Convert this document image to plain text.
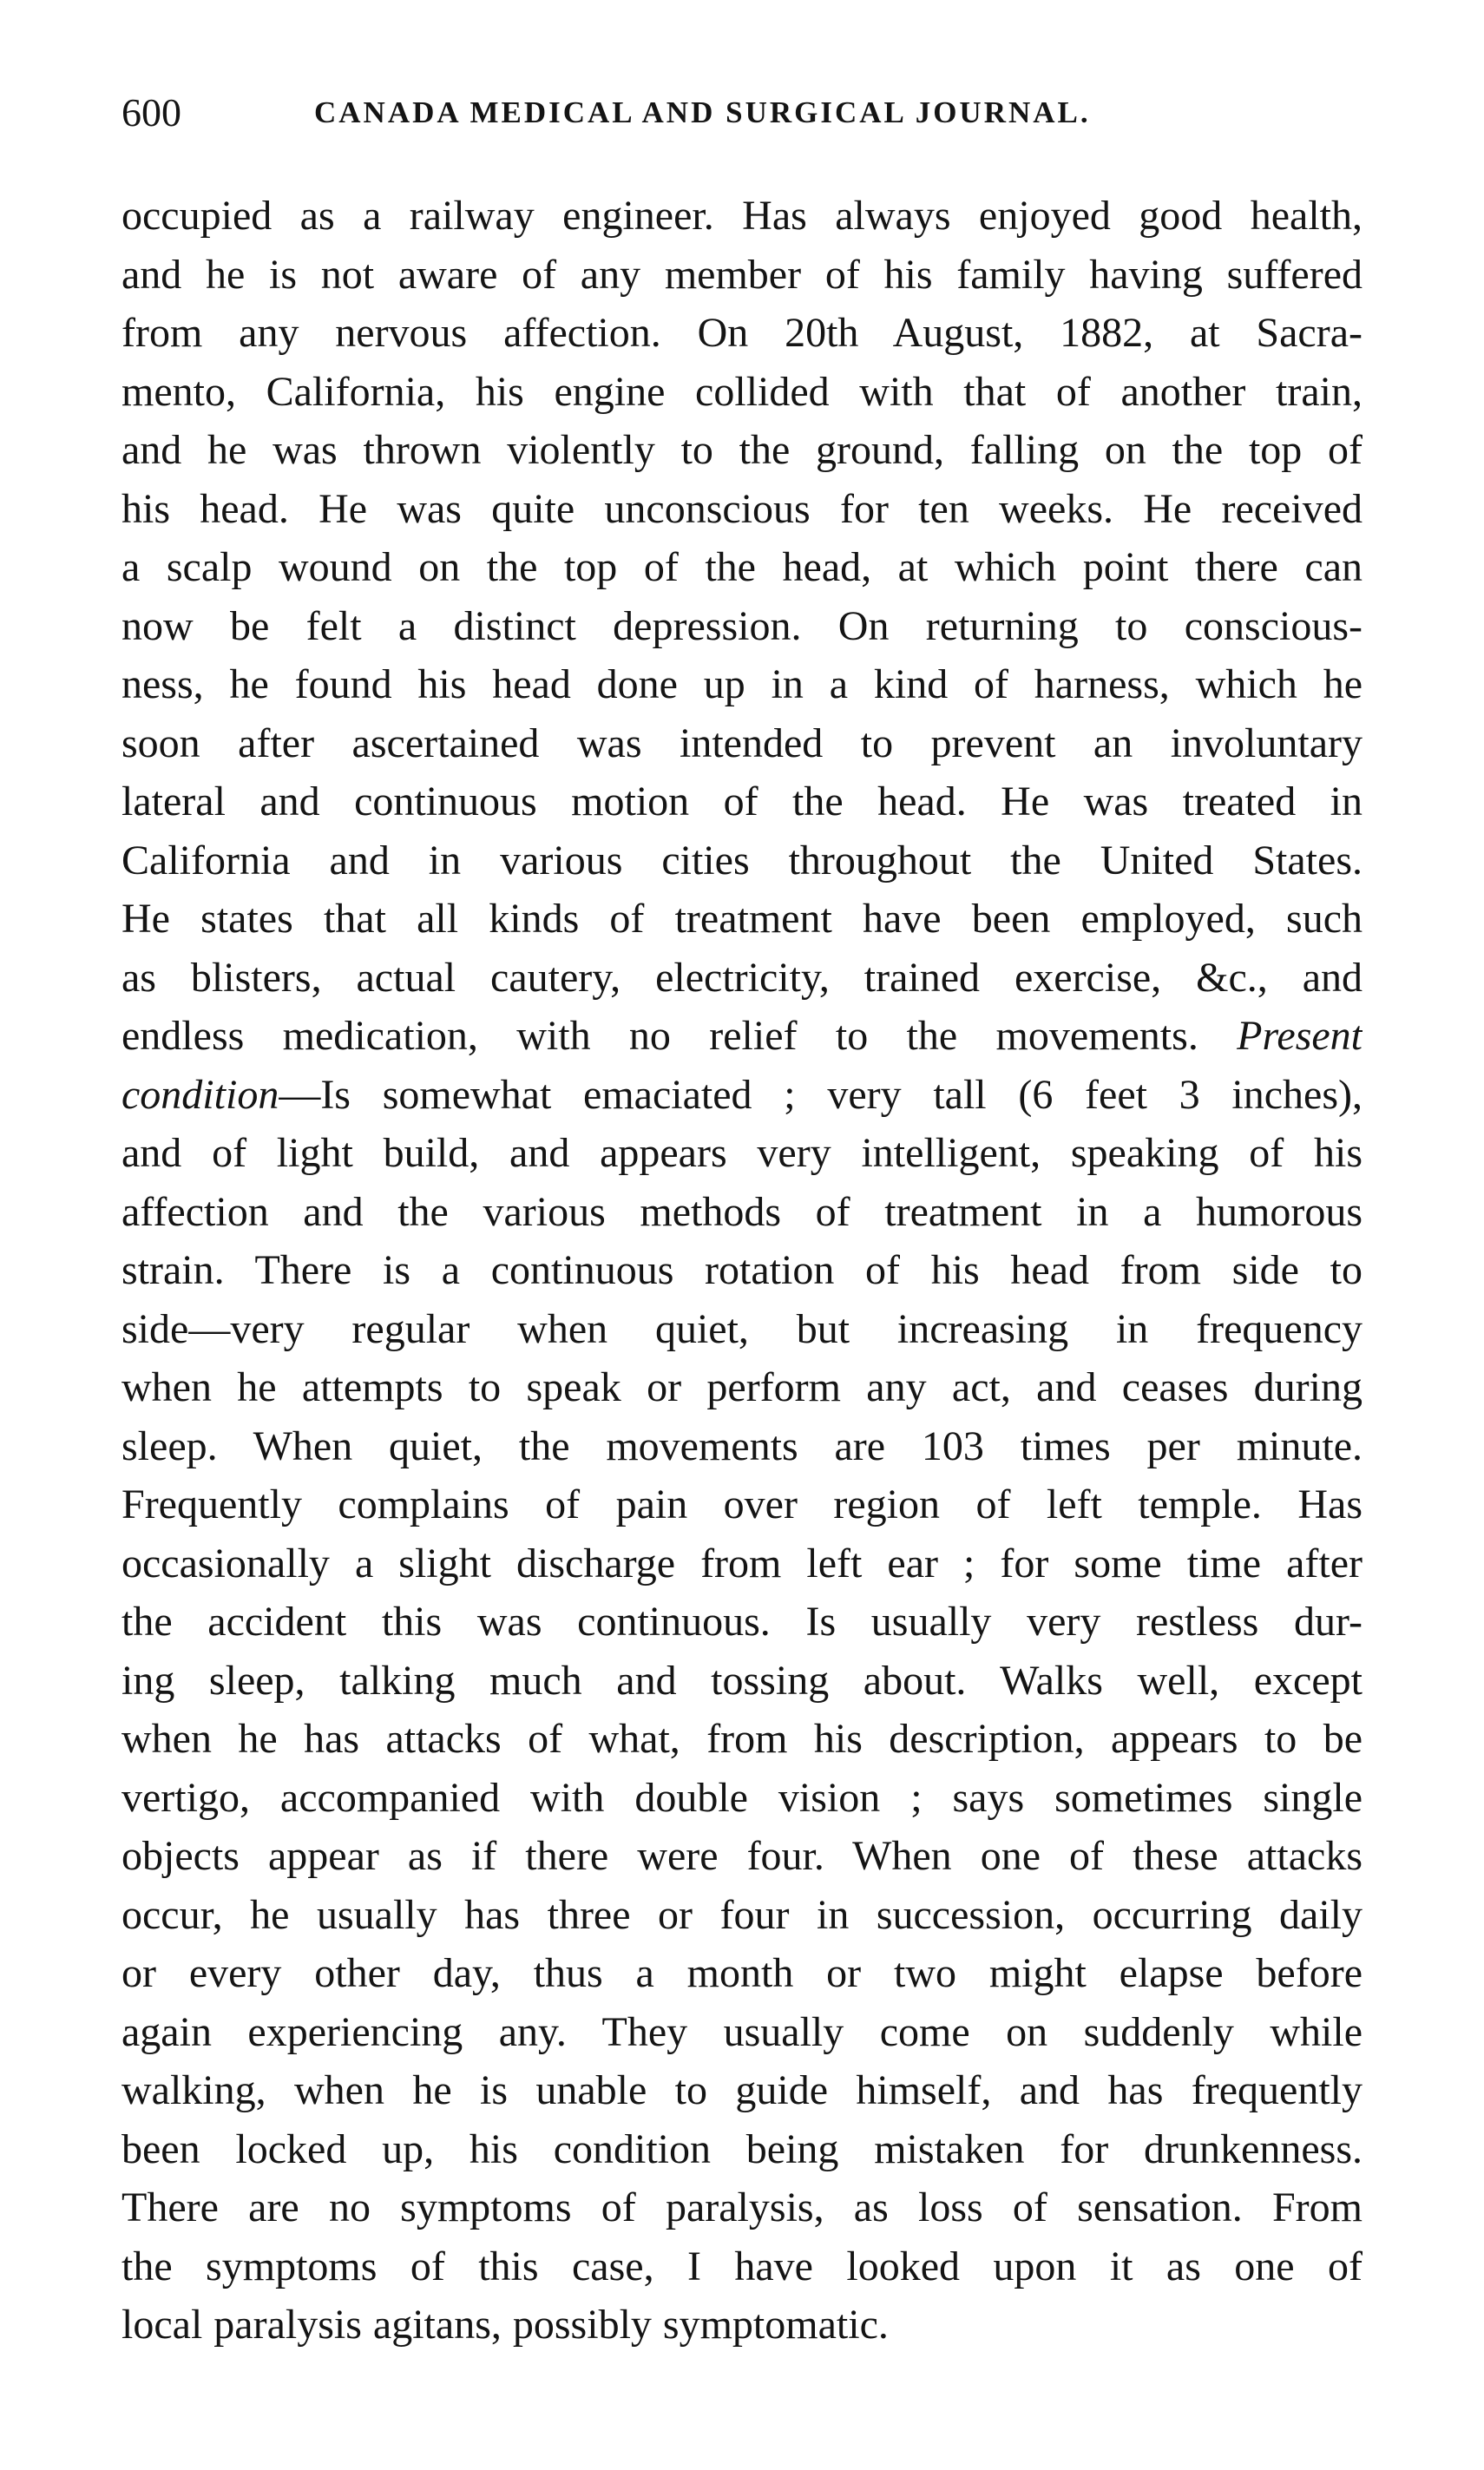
600	CANADA MEDICAL AND SURGICAL JOURNAL.
occupied as a railway engineer. Has always enjoyed good health,
and he is not aware of any member of his family having suffered
from any nervous affection. On 20th August, 1882, at Sacra-
mento, California, his engine collided with that of another train,
and he was thrown violently to the ground, falling on the top of
his head. He was quite unconscious for ten weeks. He received
a scalp wound on the top of the head, at which point there can
now be felt a distinct depression. On returning to conscious-
ness, he found his head done up in a kind of harness, which he
soon after ascertained was intended to prevent an involuntary
lateral and continuous motion of the head. He was treated in
California and in various cities throughout the United States.
He states that all kinds of treatment have been employed, such
as blisters, actual cautery, electricity, trained exercise, &c., and
endless medication, with no relief to the movements. Present
condition—Is somewhat emaciated ; very tall (6 feet 3 inches),
and of light build, and appears very intelligent, speaking of his
affection and the various methods of treatment in a humorous
strain. There is a continuous rotation of his head from side to
side—very regular when quiet, but increasing in frequency
when he attempts to speak or perform any act, and ceases during
sleep. When quiet, the movements are 103 times per minute.
Frequently complains of pain over region of left temple. Has
occasionally a slight discharge from left ear ; for some time after
the accident this was continuous. Is usually very restless dur-
ing sleep, talking much and tossing about. Walks well, except
when he has attacks of what, from his description, appears to be
vertigo, accompanied with double vision ; says sometimes single
objects appear as if there were four. When one of these attacks
occur, he usually has three or four in succession, occurring daily
or every other day, thus a month or two might elapse before
again experiencing any. They usually come on suddenly while
walking, when he is unable to guide himself, and has frequently
been locked up, his condition being mistaken for drunkenness.
There are no symptoms of paralysis, as loss of sensation. From
the symptoms of this case, I have looked upon it as one of
local paralysis agitans, possibly symptomatic.
